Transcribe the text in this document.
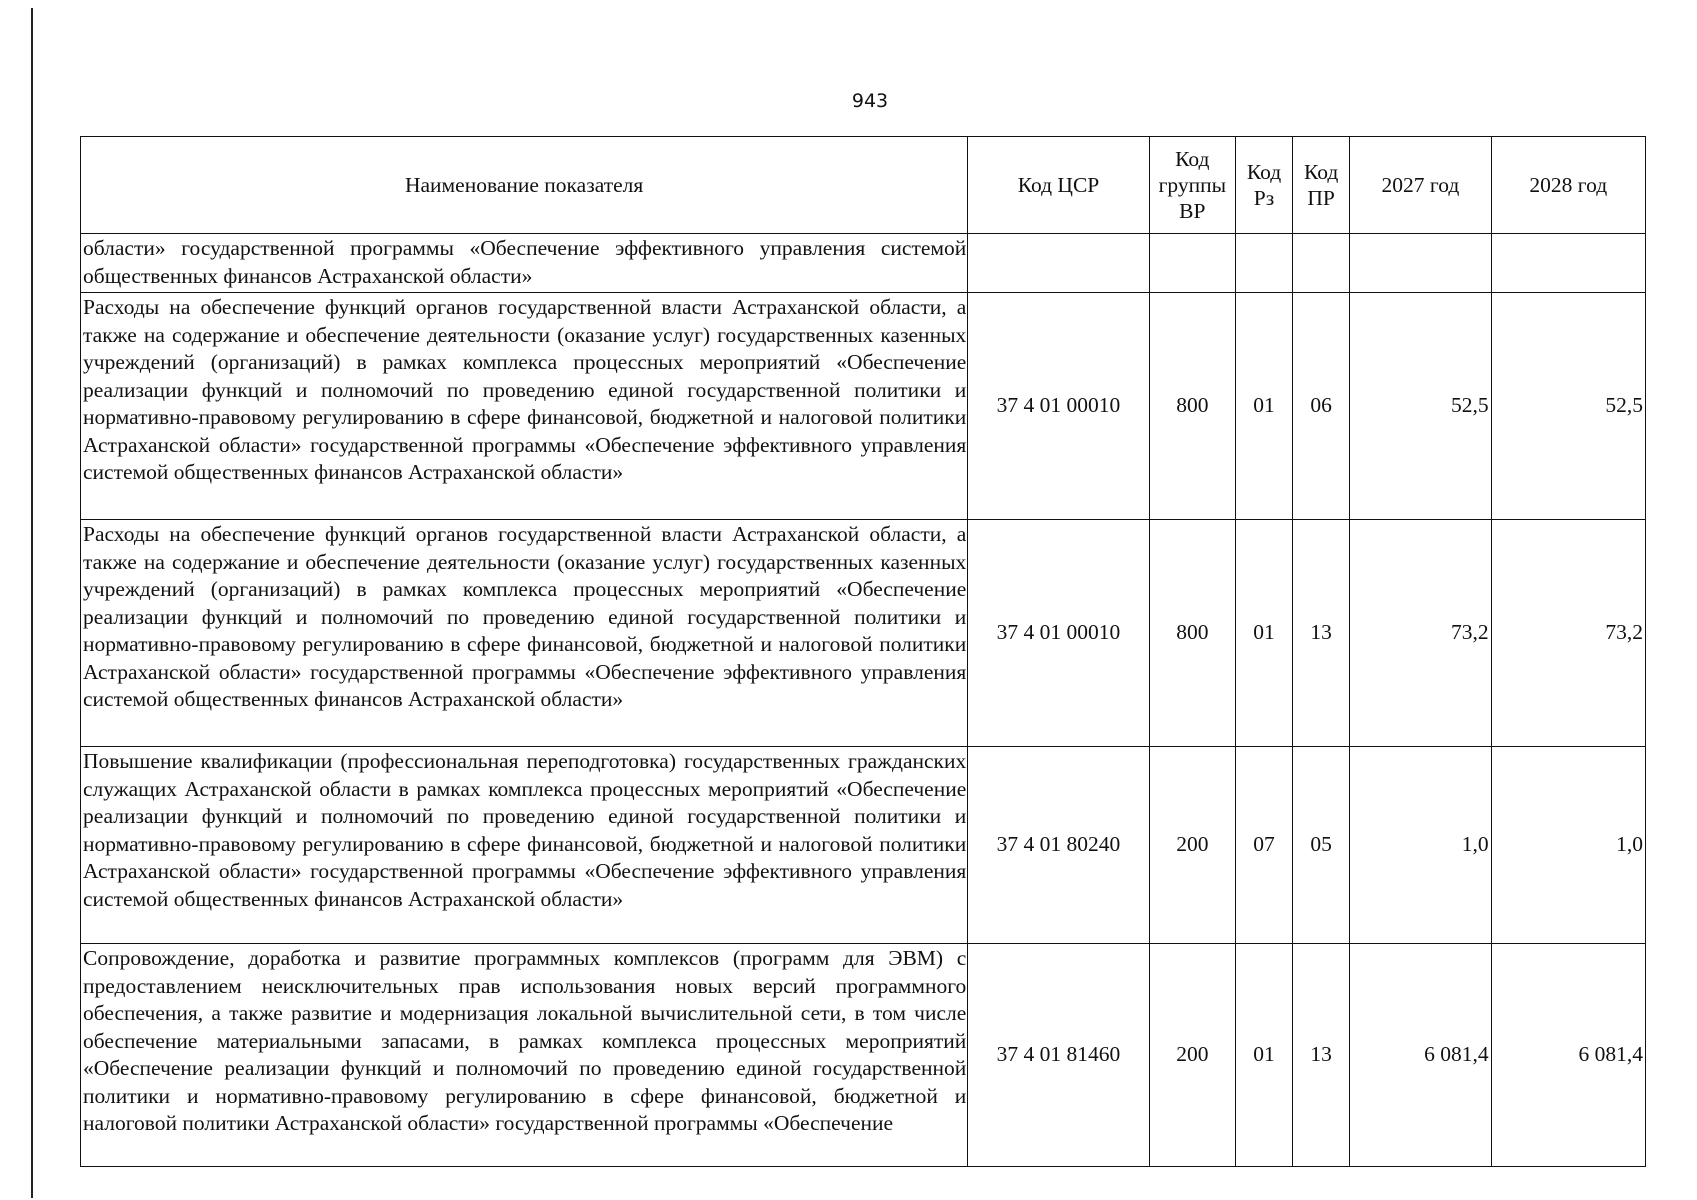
943
Наименование показателя	Код ЦСР	Код группы ВР	Код Рз	Код ПР	2027 год	2028 год
области» государственной программы «Обеспечение эффективного управления системой общественных финансов Астраханской области»						
Расходы на обеспечение функций органов государственной власти Астраханской области, а также на содержание и обеспечение деятельности (оказание услуг) государственных казенных учреждений (организаций) в рамках комплекса процессных мероприятий «Обеспечение реализации функций и полномочий по проведению единой государственной политики и нормативно-правовому регулированию в сфере финансовой, бюджетной и налоговой политики Астраханской области» государственной программы «Обеспечение эффективного управления системой общественных финансов Астраханской области»	37 4 01 00010	800	01	06	52,5	52,5
Расходы на обеспечение функций органов государственной власти Астраханской области, а также на содержание и обеспечение деятельности (оказание услуг) государственных казенных учреждений (организаций) в рамках комплекса процессных мероприятий «Обеспечение реализации функций и полномочий по проведению единой государственной политики и нормативно-правовому регулированию в сфере финансовой, бюджетной и налоговой политики Астраханской области» государственной программы «Обеспечение эффективного управления системой общественных финансов Астраханской области»	37 4 01 00010	800	01	13	73,2	73,2
Повышение квалификации (профессиональная переподготовка) государственных гражданских служащих Астраханской области в рамках комплекса процессных мероприятий «Обеспечение реализации функций и полномочий по проведению единой государственной политики и нормативно-правовому регулированию в сфере финансовой, бюджетной и налоговой политики Астраханской области» государственной программы «Обеспечение эффективного управления системой общественных финансов Астраханской области»	37 4 01 80240	200	07	05	1,0	1,0
Сопровождение, доработка и развитие программных комплексов (программ для ЭВМ) с предоставлением неисключительных прав использования новых версий программного обеспечения, а также развитие и модернизация локальной вычислительной сети, в том числе обеспечение материальными запасами, в рамках комплекса процессных мероприятий «Обеспечение реализации функций и полномочий по проведению единой государственной политики и нормативно-правовому регулированию в сфере финансовой, бюджетной и налоговой политики Астраханской области» государственной программы «Обеспечение	37 4 01 81460	200	01	13	6 081,4	6 081,4
